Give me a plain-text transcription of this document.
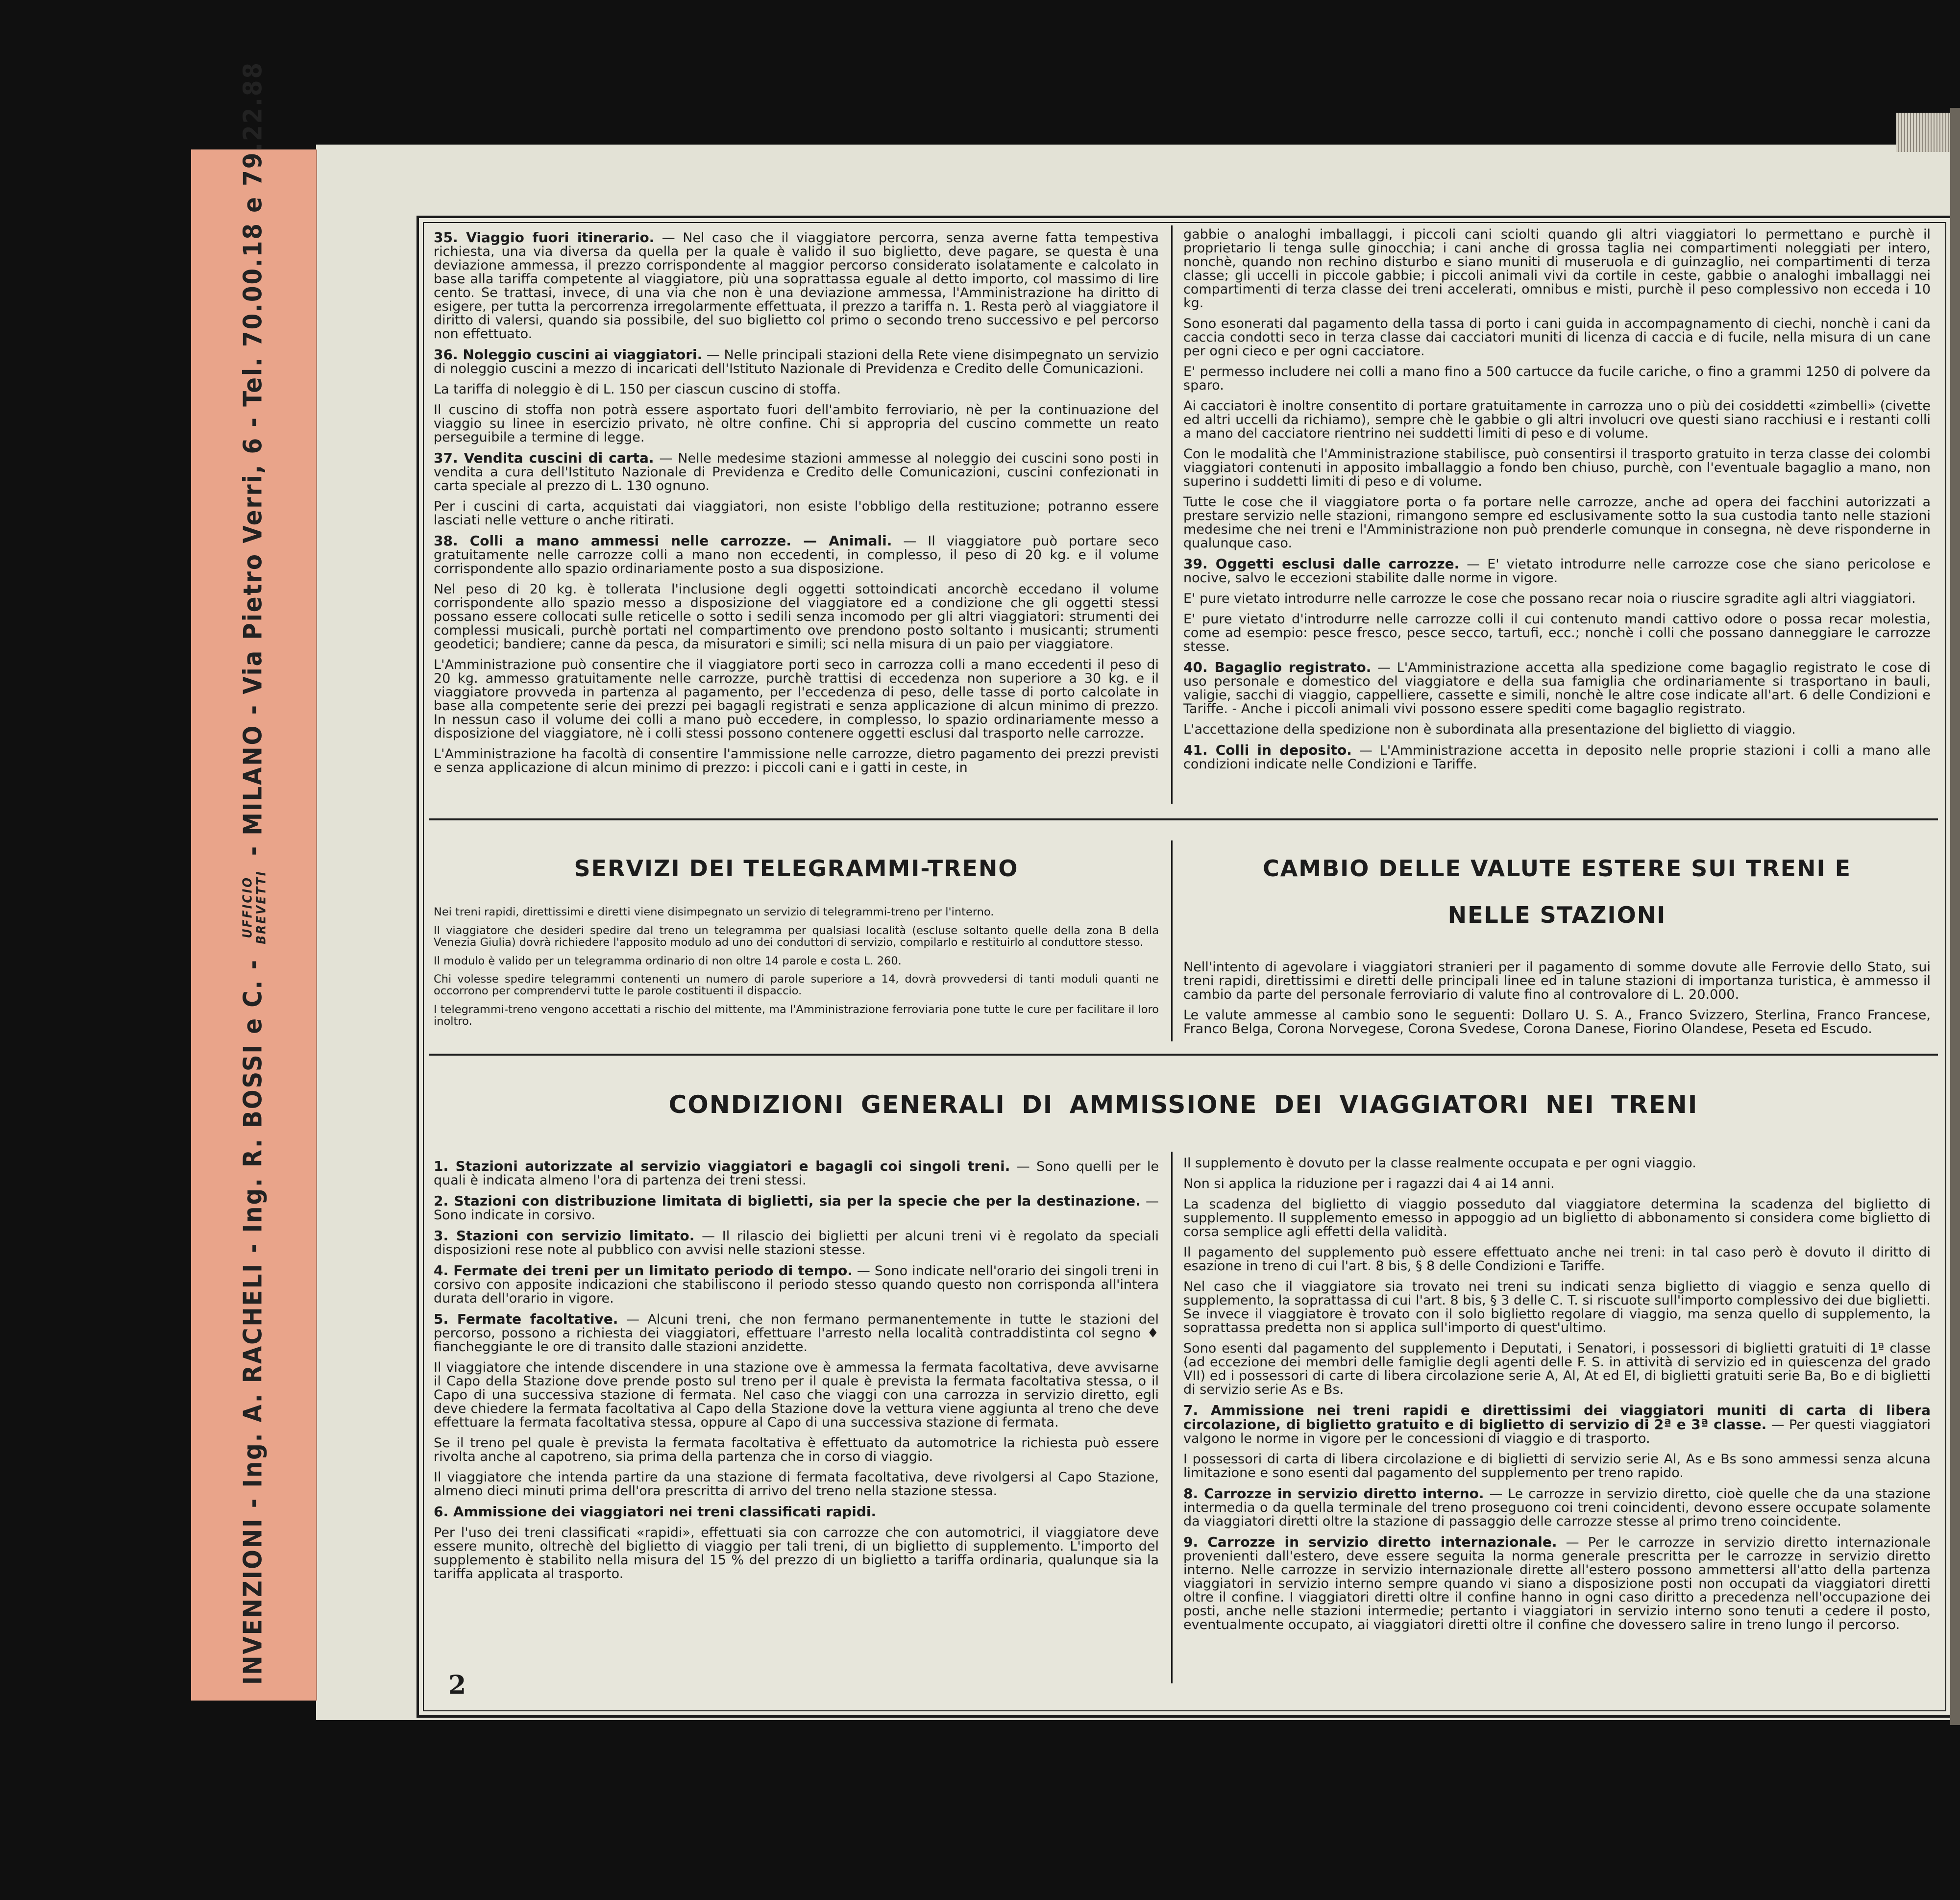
INVENZIONI - Ing. A. RACHELI - Ing. R. BOSSI e C. - UFFICIO
BREVETTI - MILANO - Via Pietro Verri, 6 - Tel. 70.00.18 e 79.22.88	35. Viaggio fuori itinerario. — Nel caso che il viaggiatore percorra, senza averne fatta tempestiva richiesta, una via diversa da quella per la quale è valido il suo biglietto, deve pagare, se questa è una deviazione ammessa, il prezzo corrispondente al maggior percorso considerato isolatamente e calcolato in base alla tariffa competente al viaggiatore, più una soprattassa eguale al detto importo, col massimo di lire cento. Se trattasi, invece, di una via che non è una deviazione ammessa, l'Amministrazione ha diritto di esigere, per tutta la percorrenza irregolarmente effettuata, il prezzo a tariffa n. 1. Resta però al viaggiatore il diritto di valersi, quando sia possibile, del suo biglietto col primo o secondo treno successivo e pel percorso non effettuato.

36. Noleggio cuscini ai viaggiatori. — Nelle principali stazioni della Rete viene disimpegnato un servizio di noleggio cuscini a mezzo di incaricati dell'Istituto Nazionale di Previdenza e Credito delle Comunicazioni.

La tariffa di noleggio è di L. 150 per ciascun cuscino di stoffa.

Il cuscino di stoffa non potrà essere asportato fuori dell'ambito ferroviario, nè per la continuazione del viaggio su linee in esercizio privato, nè oltre confine. Chi si appropria del cuscino commette un reato perseguibile a termine di legge.

37. Vendita cuscini di carta. — Nelle medesime stazioni ammesse al noleggio dei cuscini sono posti in vendita a cura dell'Istituto Nazionale di Previdenza e Credito delle Comunicazioni, cuscini confezionati in carta speciale al prezzo di L. 130 ognuno.

Per i cuscini di carta, acquistati dai viaggiatori, non esiste l'obbligo della restituzione; potranno essere lasciati nelle vetture o anche ritirati.

38. Colli a mano ammessi nelle carrozze. — Animali. — Il viaggiatore può portare seco gratuitamente nelle carrozze colli a mano non eccedenti, in complesso, il peso di 20 kg. e il volume corrispondente allo spazio ordinariamente posto a sua disposizione.

Nel peso di 20 kg. è tollerata l'inclusione degli oggetti sottoindicati ancorchè eccedano il volume corrispondente allo spazio messo a disposizione del viaggiatore ed a condizione che gli oggetti stessi possano essere collocati sulle reticelle o sotto i sedili senza incomodo per gli altri viaggiatori: strumenti dei complessi musicali, purchè portati nel compartimento ove prendono posto soltanto i musicanti; strumenti geodetici; bandiere; canne da pesca, da misuratori e simili; sci nella misura di un paio per viaggiatore.

L'Amministrazione può consentire che il viaggiatore porti seco in carrozza colli a mano eccedenti il peso di 20 kg. ammesso gratuitamente nelle carrozze, purchè trattisi di eccedenza non superiore a 30 kg. e il viaggiatore provveda in partenza al pagamento, per l'eccedenza di peso, delle tasse di porto calcolate in base alla competente serie dei prezzi pei bagagli registrati e senza applicazione di alcun minimo di prezzo. In nessun caso il volume dei colli a mano può eccedere, in complesso, lo spazio ordinariamente messo a disposizione del viaggiatore, nè i colli stessi possono contenere oggetti esclusi dal trasporto nelle carrozze.

L'Amministrazione ha facoltà di consentire l'ammissione nelle carrozze, dietro pagamento dei prezzi previsti e senza applicazione di alcun minimo di prezzo: i piccoli cani e i gatti in ceste, in

gabbie o analoghi imballaggi, i piccoli cani sciolti quando gli altri viaggiatori lo permettano e purchè il proprietario li tenga sulle ginocchia; i cani anche di grossa taglia nei compartimenti noleggiati per intero, nonchè, quando non rechino disturbo e siano muniti di museruola e di guinzaglio, nei compartimenti di terza classe; gli uccelli in piccole gabbie; i piccoli animali vivi da cortile in ceste, gabbie o analoghi imballaggi nei compartimenti di terza classe dei treni accelerati, omnibus e misti, purchè il peso complessivo non ecceda i 10 kg.

Sono esonerati dal pagamento della tassa di porto i cani guida in accompagnamento di ciechi, nonchè i cani da caccia condotti seco in terza classe dai cacciatori muniti di licenza di caccia e di fucile, nella misura di un cane per ogni cieco e per ogni cacciatore.

E' permesso includere nei colli a mano fino a 500 cartucce da fucile cariche, o fino a grammi 1250 di polvere da sparo.

Ai cacciatori è inoltre consentito di portare gratuitamente in carrozza uno o più dei cosiddetti «zimbelli» (civette ed altri uccelli da richiamo), sempre chè le gabbie o gli altri involucri ove questi siano racchiusi e i restanti colli a mano del cacciatore rientrino nei suddetti limiti di peso e di volume.

Con le modalità che l'Amministrazione stabilisce, può consentirsi il trasporto gratuito in terza classe dei colombi viaggiatori contenuti in apposito imballaggio a fondo ben chiuso, purchè, con l'eventuale bagaglio a mano, non superino i suddetti limiti di peso e di volume.

Tutte le cose che il viaggiatore porta o fa portare nelle carrozze, anche ad opera dei facchini autorizzati a prestare servizio nelle stazioni, rimangono sempre ed esclusivamente sotto la sua custodia tanto nelle stazioni medesime che nei treni e l'Amministrazione non può prenderle comunque in consegna, nè deve risponderne in qualunque caso.

39. Oggetti esclusi dalle carrozze. — E' vietato introdurre nelle carrozze cose che siano pericolose e nocive, salvo le eccezioni stabilite dalle norme in vigore.

E' pure vietato introdurre nelle carrozze le cose che possano recar noia o riuscire sgradite agli altri viaggiatori.

E' pure vietato d'introdurre nelle carrozze colli il cui contenuto mandi cattivo odore o possa recar molestia, come ad esempio: pesce fresco, pesce secco, tartufi, ecc.; nonchè i colli che possano danneggiare le carrozze stesse.

40. Bagaglio registrato. — L'Amministrazione accetta alla spedizione come bagaglio registrato le cose di uso personale e domestico del viaggiatore e della sua famiglia che ordinariamente si trasportano in bauli, valigie, sacchi di viaggio, cappelliere, cassette e simili, nonchè le altre cose indicate all'art. 6 delle Condizioni e Tariffe. - Anche i piccoli animali vivi possono essere spediti come bagaglio registrato.

L'accettazione della spedizione non è subordinata alla presentazione del biglietto di viaggio.

41. Colli in deposito. — L'Amministrazione accetta in deposito nelle proprie stazioni i colli a mano alle condizioni indicate nelle Condizioni e Tariffe.

SERVIZI DEI TELEGRAMMI-TRENO

Nei treni rapidi, direttissimi e diretti viene disimpegnato un servizio di telegrammi-treno per l'interno.

Il viaggiatore che desideri spedire dal treno un telegramma per qualsiasi località (escluse soltanto quelle della zona B della Venezia Giulia) dovrà richiedere l'apposito modulo ad uno dei conduttori di servizio, compilarlo e restituirlo al conduttore stesso.

Il modulo è valido per un telegramma ordinario di non oltre 14 parole e costa L. 260.

Chi volesse spedire telegrammi contenenti un numero di parole superiore a 14, dovrà provvedersi di tanti moduli quanti ne occorrono per comprendervi tutte le parole costituenti il dispaccio.

I telegrammi-treno vengono accettati a rischio del mittente, ma l'Amministrazione ferroviaria pone tutte le cure per facilitare il loro inoltro.

CAMBIO DELLE VALUTE ESTERE SUI TRENI E
NELLE STAZIONI

Nell'intento di agevolare i viaggiatori stranieri per il pagamento di somme dovute alle Ferrovie dello Stato, sui treni rapidi, direttissimi e diretti delle principali linee ed in talune stazioni di importanza turistica, è ammesso il cambio da parte del personale ferroviario di valute fino al controvalore di L. 20.000.

Le valute ammesse al cambio sono le seguenti: Dollaro U. S. A., Franco Svizzero, Sterlina, Franco Francese, Franco Belga, Corona Norvegese, Corona Svedese, Corona Danese, Fiorino Olandese, Peseta ed Escudo.

CONDIZIONI GENERALI DI AMMISSIONE DEI VIAGGIATORI NEI TRENI

1. Stazioni autorizzate al servizio viaggiatori e bagagli coi singoli treni. — Sono quelli per le quali è indicata almeno l'ora di partenza dei treni stessi.

2. Stazioni con distribuzione limitata di biglietti, sia per la specie che per la destinazione. — Sono indicate in corsivo.

3. Stazioni con servizio limitato. — Il rilascio dei biglietti per alcuni treni vi è regolato da speciali disposizioni rese note al pubblico con avvisi nelle stazioni stesse.

4. Fermate dei treni per un limitato periodo di tempo. — Sono indicate nell'orario dei singoli treni in corsivo con apposite indicazioni che stabiliscono il periodo stesso quando questo non corrisponda all'intera durata dell'orario in vigore.

5. Fermate facoltative. — Alcuni treni, che non fermano permanentemente in tutte le stazioni del percorso, possono a richiesta dei viaggiatori, effettuare l'arresto nella località contraddistinta col segno ♦ fiancheggiante le ore di transito dalle stazioni anzidette.

Il viaggiatore che intende discendere in una stazione ove è ammessa la fermata facoltativa, deve avvisarne il Capo della Stazione dove prende posto sul treno per il quale è prevista la fermata facoltativa stessa, o il Capo di una successiva stazione di fermata. Nel caso che viaggi con una carrozza in servizio diretto, egli deve chiedere la fermata facoltativa al Capo della Stazione dove la vettura viene aggiunta al treno che deve effettuare la fermata facoltativa stessa, oppure al Capo di una successiva stazione di fermata.

Se il treno pel quale è prevista la fermata facoltativa è effettuato da automotrice la richiesta può essere rivolta anche al capotreno, sia prima della partenza che in corso di viaggio.

Il viaggiatore che intenda partire da una stazione di fermata facoltativa, deve rivolgersi al Capo Stazione, almeno dieci minuti prima dell'ora prescritta di arrivo del treno nella stazione stessa.

6. Ammissione dei viaggiatori nei treni classificati rapidi.

Per l'uso dei treni classificati «rapidi», effettuati sia con carrozze che con automotrici, il viaggiatore deve essere munito, oltrechè del biglietto di viaggio per tali treni, di un biglietto di supplemento. L'importo del supplemento è stabilito nella misura del 15 % del prezzo di un biglietto a tariffa ordinaria, qualunque sia la tariffa applicata al trasporto.

Il supplemento è dovuto per la classe realmente occupata e per ogni viaggio.

Non si applica la riduzione per i ragazzi dai 4 ai 14 anni.

La scadenza del biglietto di viaggio posseduto dal viaggiatore determina la scadenza del biglietto di supplemento. Il supplemento emesso in appoggio ad un biglietto di abbonamento si considera come biglietto di corsa semplice agli effetti della validità.

Il pagamento del supplemento può essere effettuato anche nei treni: in tal caso però è dovuto il diritto di esazione in treno di cui l'art. 8 bis, § 8 delle Condizioni e Tariffe.

Nel caso che il viaggiatore sia trovato nei treni su indicati senza biglietto di viaggio e senza quello di supplemento, la soprattassa di cui l'art. 8 bis, § 3 delle C. T. si riscuote sull'importo complessivo dei due biglietti. Se invece il viaggiatore è trovato con il solo biglietto regolare di viaggio, ma senza quello di supplemento, la soprattassa predetta non si applica sull'importo di quest'ultimo.

Sono esenti dal pagamento del supplemento i Deputati, i Senatori, i possessori di biglietti gratuiti di 1ª classe (ad eccezione dei membri delle famiglie degli agenti delle F. S. in attività di servizio ed in quiescenza del grado VII) ed i possessori di carte di libera circolazione serie A, Al, At ed El, di biglietti gratuiti serie Ba, Bo e di biglietti di servizio serie As e Bs.

7. Ammissione nei treni rapidi e direttissimi dei viaggiatori muniti di carta di libera circolazione, di biglietto gratuito e di biglietto di servizio di 2ª e 3ª classe. — Per questi viaggiatori valgono le norme in vigore per le concessioni di viaggio e di trasporto.

I possessori di carta di libera circolazione e di biglietti di servizio serie Al, As e Bs sono ammessi senza alcuna limitazione e sono esenti dal pagamento del supplemento per treno rapido.

8. Carrozze in servizio diretto interno. — Le carrozze in servizio diretto, cioè quelle che da una stazione intermedia o da quella terminale del treno proseguono coi treni coincidenti, devono essere occupate solamente da viaggiatori diretti oltre la stazione di passaggio delle carrozze stesse al primo treno coincidente.

9. Carrozze in servizio diretto internazionale. — Per le carrozze in servizio diretto internazionale provenienti dall'estero, deve essere seguita la norma generale prescritta per le carrozze in servizio diretto interno. Nelle carrozze in servizio internazionale dirette all'estero possono ammettersi all'atto della partenza viaggiatori in servizio interno sempre quando vi siano a disposizione posti non occupati da viaggiatori diretti oltre il confine. I viaggiatori diretti oltre il confine hanno in ogni caso diritto a precedenza nell'occupazione dei posti, anche nelle stazioni intermedie; pertanto i viaggiatori in servizio interno sono tenuti a cedere il posto, eventualmente occupato, ai viaggiatori diretti oltre il confine che dovessero salire in treno lungo il percorso.

2
